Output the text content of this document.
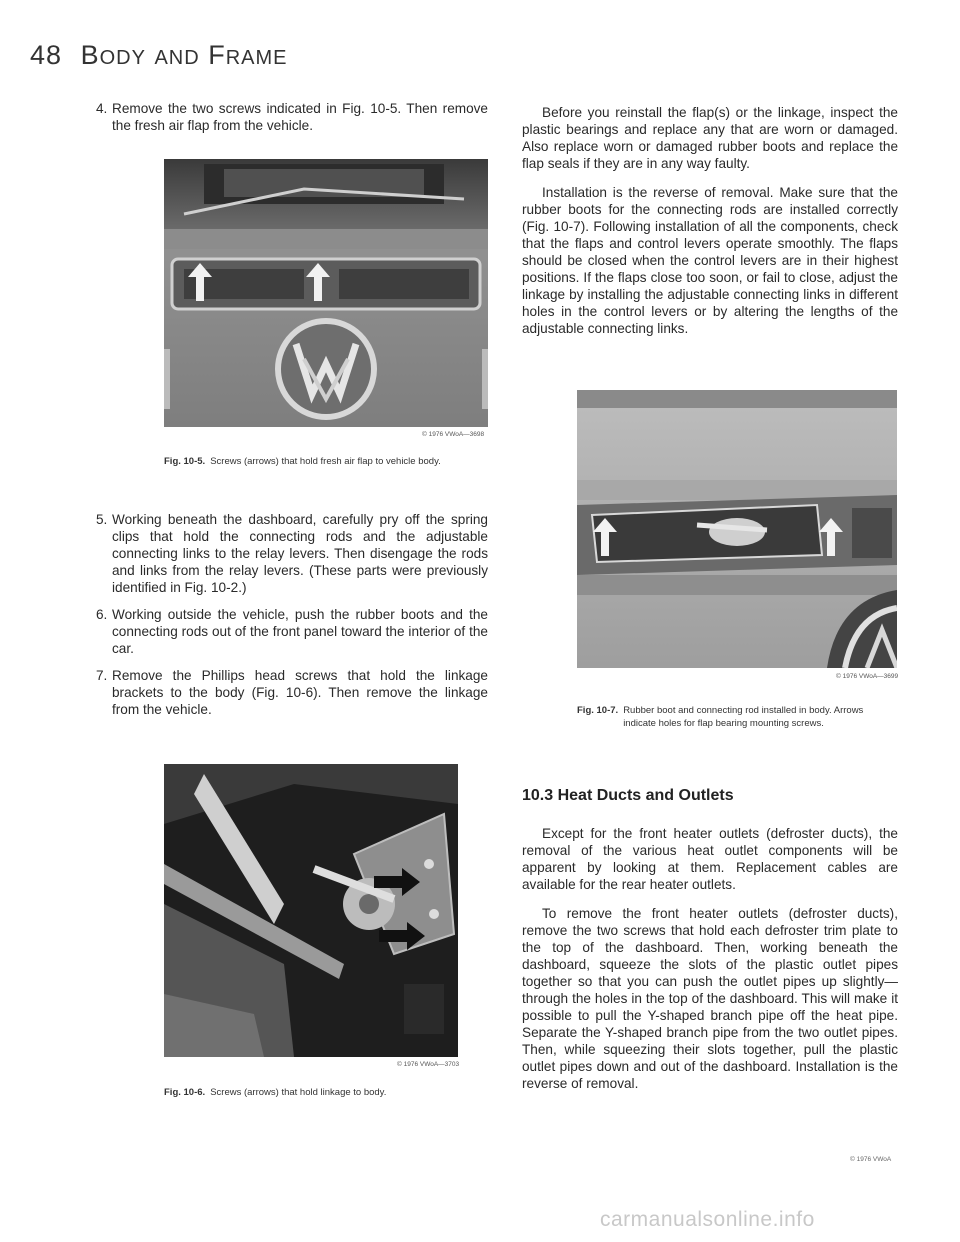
48 BODY AND FRAME
4. Remove the two screws indicated in Fig. 10-5. Then remove the fresh air flap from the vehicle.
© 1976 VWoA—3698
Fig. 10-5. Screws (arrows) that hold fresh air flap to vehicle body.
5. Working beneath the dashboard, carefully pry off the spring clips that hold the connecting rods and the adjustable connecting links to the relay levers. Then disengage the rods and links from the relay levers. (These parts were previously identified in Fig. 10-2.)
6. Working outside the vehicle, push the rubber boots and the connecting rods out of the front panel toward the interior of the car.
7. Remove the Phillips head screws that hold the linkage brackets to the body (Fig. 10-6). Then remove the linkage from the vehicle.
© 1976 VWoA—3703
Fig. 10-6. Screws (arrows) that hold linkage to body.

Before you reinstall the flap(s) or the linkage, inspect the plastic bearings and replace any that are worn or damaged. Also replace worn or damaged rubber boots and replace the flap seals if they are in any way faulty.

Installation is the reverse of removal. Make sure that the rubber boots for the connecting rods are installed correctly (Fig. 10-7). Following installation of all the components, check that the flaps and control levers operate smoothly. The flaps should be closed when the control levers are in their highest positions. If the flaps close too soon, or fail to close, adjust the linkage by installing the adjustable connecting links in different holes in the control levers or by altering the lengths of the adjustable connecting links.

© 1976 VWoA—3699
Fig. 10-7. Rubber boot and connecting rod installed in body. Arrows indicate holes for flap bearing mounting screws.
10.3 Heat Ducts and Outlets

Except for the front heater outlets (defroster ducts), the removal of the various heat outlet components will be apparent by looking at them. Replacement cables are available for the rear heater outlets.

To remove the front heater outlets (defroster ducts), remove the two screws that hold each defroster trim plate to the top of the dashboard. Then, working beneath the dashboard, squeeze the slots of the plastic outlet pipes together so that you can push the outlet pipes up slightly—through the holes in the top of the dashboard. This will make it possible to pull the Y-shaped branch pipe off the heat pipe. Separate the Y-shaped branch pipe from the two outlet pipes. Then, while squeezing their slots together, pull the plastic outlet pipes down and out of the dashboard. Installation is the reverse of removal.

© 1976 VWoA
carmanualsonline.info
